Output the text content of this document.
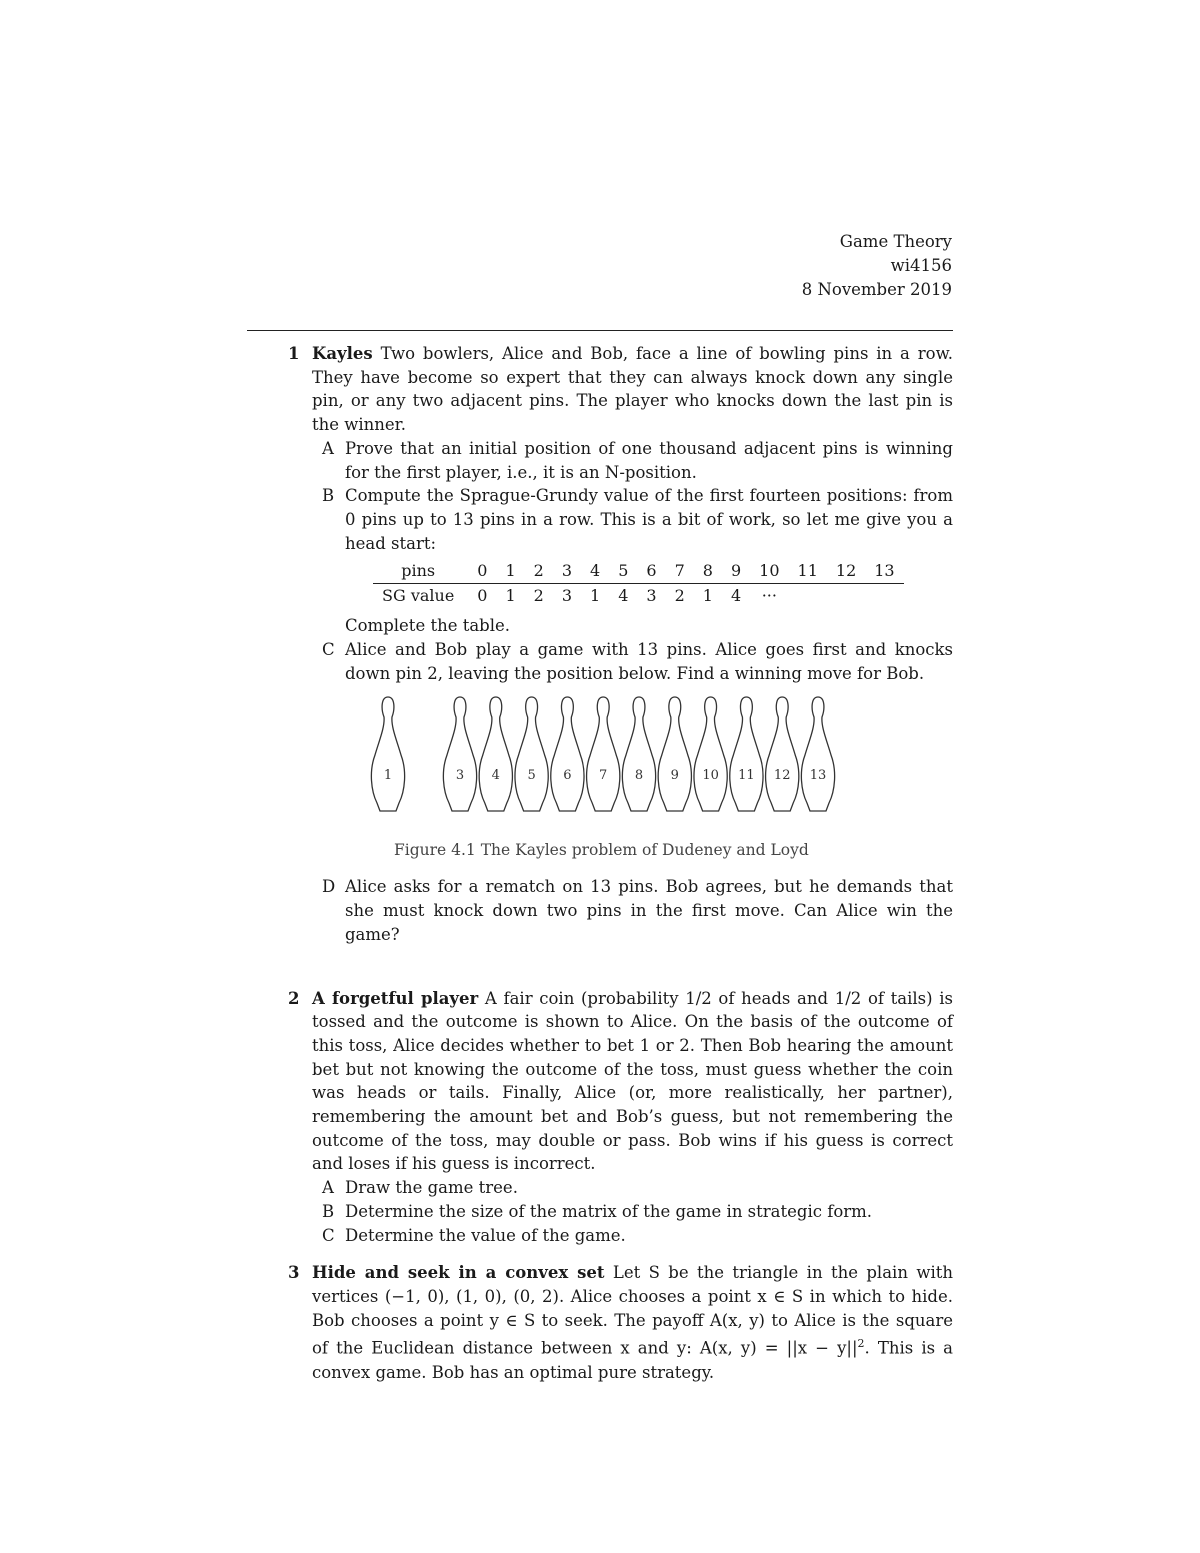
Game Theory
wi4156
8 November 2019
1 Kayles Two bowlers, Alice and Bob, face a line of bowling pins in a row. They have become so expert that they can always knock down any single pin, or any two adjacent pins. The player who knocks down the last pin is the winner.
A Prove that an initial position of one thousand adjacent pins is winning for the first player, i.e., it is an N-position.
B Compute the Sprague-Grundy value of the first fourteen positions: from 0 pins up to 13 pins in a row. This is a bit of work, so let me give you a head start:
pins	0	1	2	3	4	5	6	7	8	9	10	11	12	13
SG value	0	1	2	3	1	4	3	2	1	4	···			
Complete the table.
C Alice and Bob play a game with 13 pins. Alice goes first and knocks down pin 2, leaving the position below. Find a winning move for Bob.
1	3 4 5 6 7 8 9 10 11 12 13
Figure 4.1 The Kayles problem of Dudeney and Loyd
D Alice asks for a rematch on 13 pins. Bob agrees, but he demands that she must knock down two pins in the first move. Can Alice win the game?
2 A forgetful player A fair coin (probability 1/2 of heads and 1/2 of tails) is tossed and the outcome is shown to Alice. On the basis of the outcome of this toss, Alice decides whether to bet 1 or 2. Then Bob hearing the amount bet but not knowing the outcome of the toss, must guess whether the coin was heads or tails. Finally, Alice (or, more realistically, her partner), remembering the amount bet and Bob’s guess, but not remembering the outcome of the toss, may double or pass. Bob wins if his guess is correct and loses if his guess is incorrect.
A Draw the game tree.
B Determine the size of the matrix of the game in strategic form.
C Determine the value of the game.
3 Hide and seek in a convex set Let S be the triangle in the plain with vertices (−1, 0), (1, 0), (0, 2). Alice chooses a point x ∈ S in which to hide. Bob chooses a point y ∈ S to seek. The payoff A(x, y) to Alice is the square of the Euclidean distance between x and y: A(x, $y) = ||x - y||^2$. This is a convex game. Bob has an optimal pure strategy.
